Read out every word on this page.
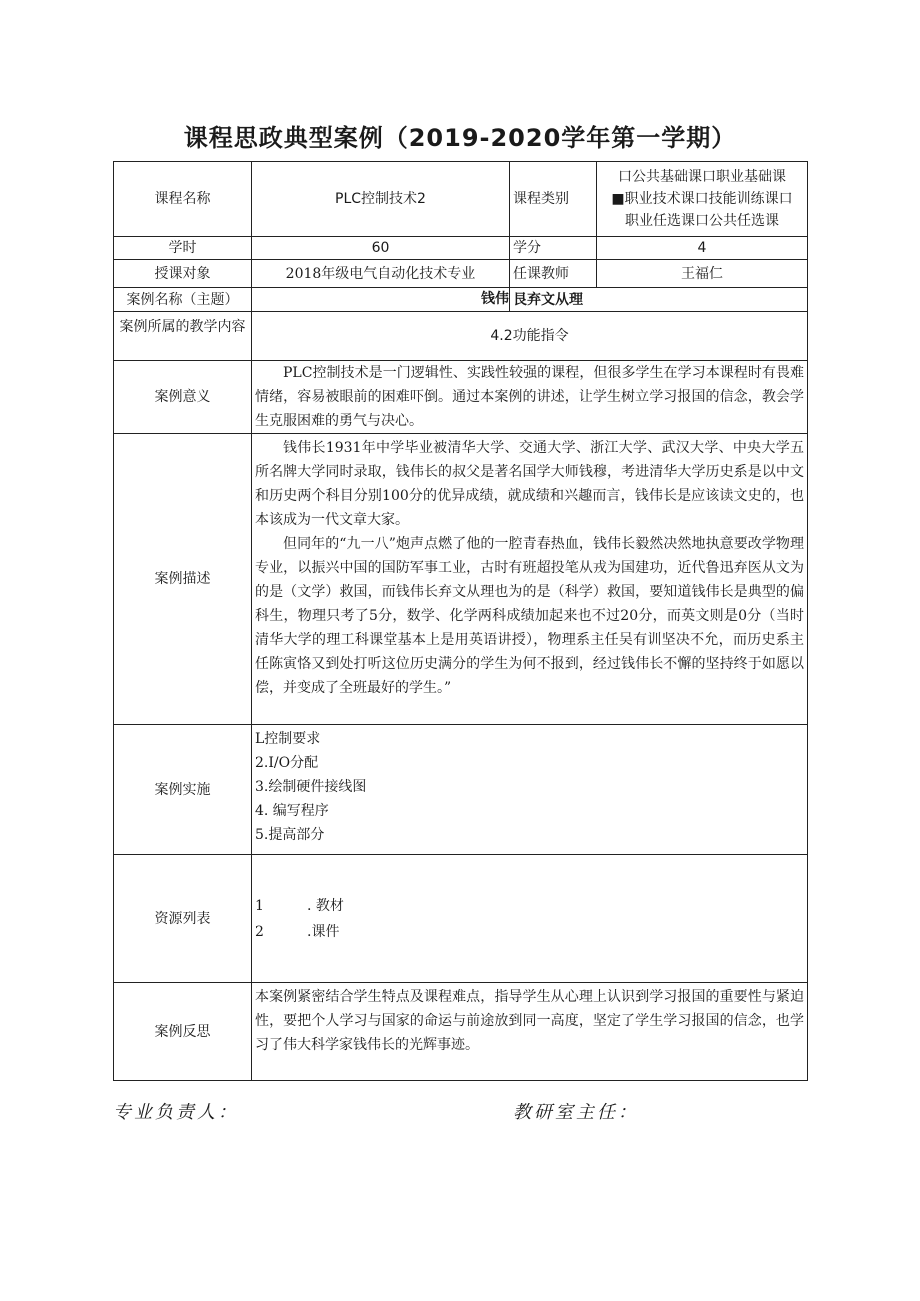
课程思政典型案例（2019-2020学年第一学期）
课程名称	PLC控制技术2	课程类别	口公共基础课口职业基础课
■职业技术课口技能训练课口
职业任选课口公共任选课

学时	60	学分	4
授课对象	2018年级电气自动化技术专业	任课教师	王福仁
案例名称（主题）	钱伟	艮弃文从理	
案例所属的教学内容	4.2功能指令		
案例意义	PLC控制技术是一门逻辑性、实践性较强的课程，但很多学生在学习本课程时有畏难情绪，容易被眼前的困难吓倒。通过本案例的讲述，让学生树立学习报国的信念，教会学生克服困难的勇气与决心。		

案例描述	钱伟长1931年中学毕业被清华大学、交通大学、浙江大学、武汉大学、中央大学五所名牌大学同时录取，钱伟长的叔父是著名国学大师钱穆，考进清华大学历史系是以中文和历史两个科目分别100分的优异成绩，就成绩和兴趣而言，钱伟长是应该读文史的，也本该成为一代文章大家。

但同年的“九一八”炮声点燃了他的一腔青春热血，钱伟长毅然决然地执意要改学物理专业，以振兴中国的国防军事工业，古时有班超投笔从戎为国建功，近代鲁迅弃医从文为的是（文学）救国，而钱伟长弃文从理也为的是（科学）救国，要知道钱伟长是典型的偏科生，物理只考了5分，数学、化学两科成绩加起来也不过20分，而英文则是0分（当时清华大学的理工科课堂基本上是用英语讲授），物理系主任吴有训坚决不允，而历史系主任陈寅恪又到处打听这位历史满分的学生为何不报到，经过钱伟长不懈的坚持终于如愿以偿，并变成了全班最好的学生。”		

案例实施	L控制要求
2.I/O分配
3.绘制硬件接线图
4. 编写程序
5.提高部分		

资源列表	1 . 教材
2 .课件		

案例反思	本案例紧密结合学生特点及课程难点，指导学生从心理上认识到学习报国的重要性与紧迫性，要把个人学习与国家的命运与前途放到同一高度，坚定了学生学习报国的信念，也学习了伟大科学家钱伟长的光辉事迹。		

专业负责人：	教研室主任：
